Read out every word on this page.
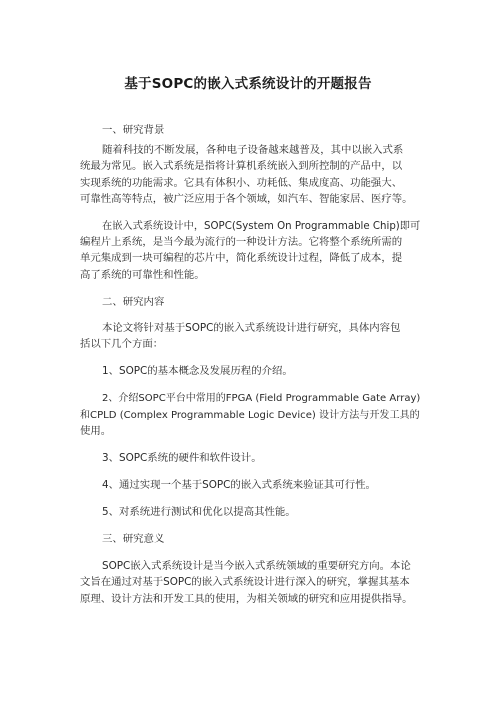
基于SOPC的嵌入式系统设计的开题报告
一、研究背景
随着科技的不断发展，各种电子设备越来越普及，其中以嵌入式系
统最为常见。嵌入式系统是指将计算机系统嵌入到所控制的产品中，以
实现系统的功能需求。它具有体积小、功耗低、集成度高、功能强大、
可靠性高等特点，被广泛应用于各个领域，如汽车、智能家居、医疗等。
在嵌入式系统设计中，SOPC(System On Programmable Chip)即可
编程片上系统，是当今最为流行的一种设计方法。它将整个系统所需的
单元集成到一块可编程的芯片中，简化系统设计过程，降低了成本，提
高了系统的可靠性和性能。
二、研究内容
本论文将针对基于SOPC的嵌入式系统设计进行研究，具体内容包
括以下几个方面：
1、SOPC的基本概念及发展历程的介绍。
2、介绍SOPC平台中常用的FPGA (Field Programmable Gate Array)
和CPLD (Complex Programmable Logic Device) 设计方法与开发工具的
使用。
3、SOPC系统的硬件和软件设计。
4、通过实现一个基于SOPC的嵌入式系统来验证其可行性。
5、对系统进行测试和优化以提高其性能。
三、研究意义
SOPC嵌入式系统设计是当今嵌入式系统领域的重要研究方向。本论
文旨在通过对基于SOPC的嵌入式系统设计进行深入的研究，掌握其基本
原理、设计方法和开发工具的使用，为相关领域的研究和应用提供指导。
